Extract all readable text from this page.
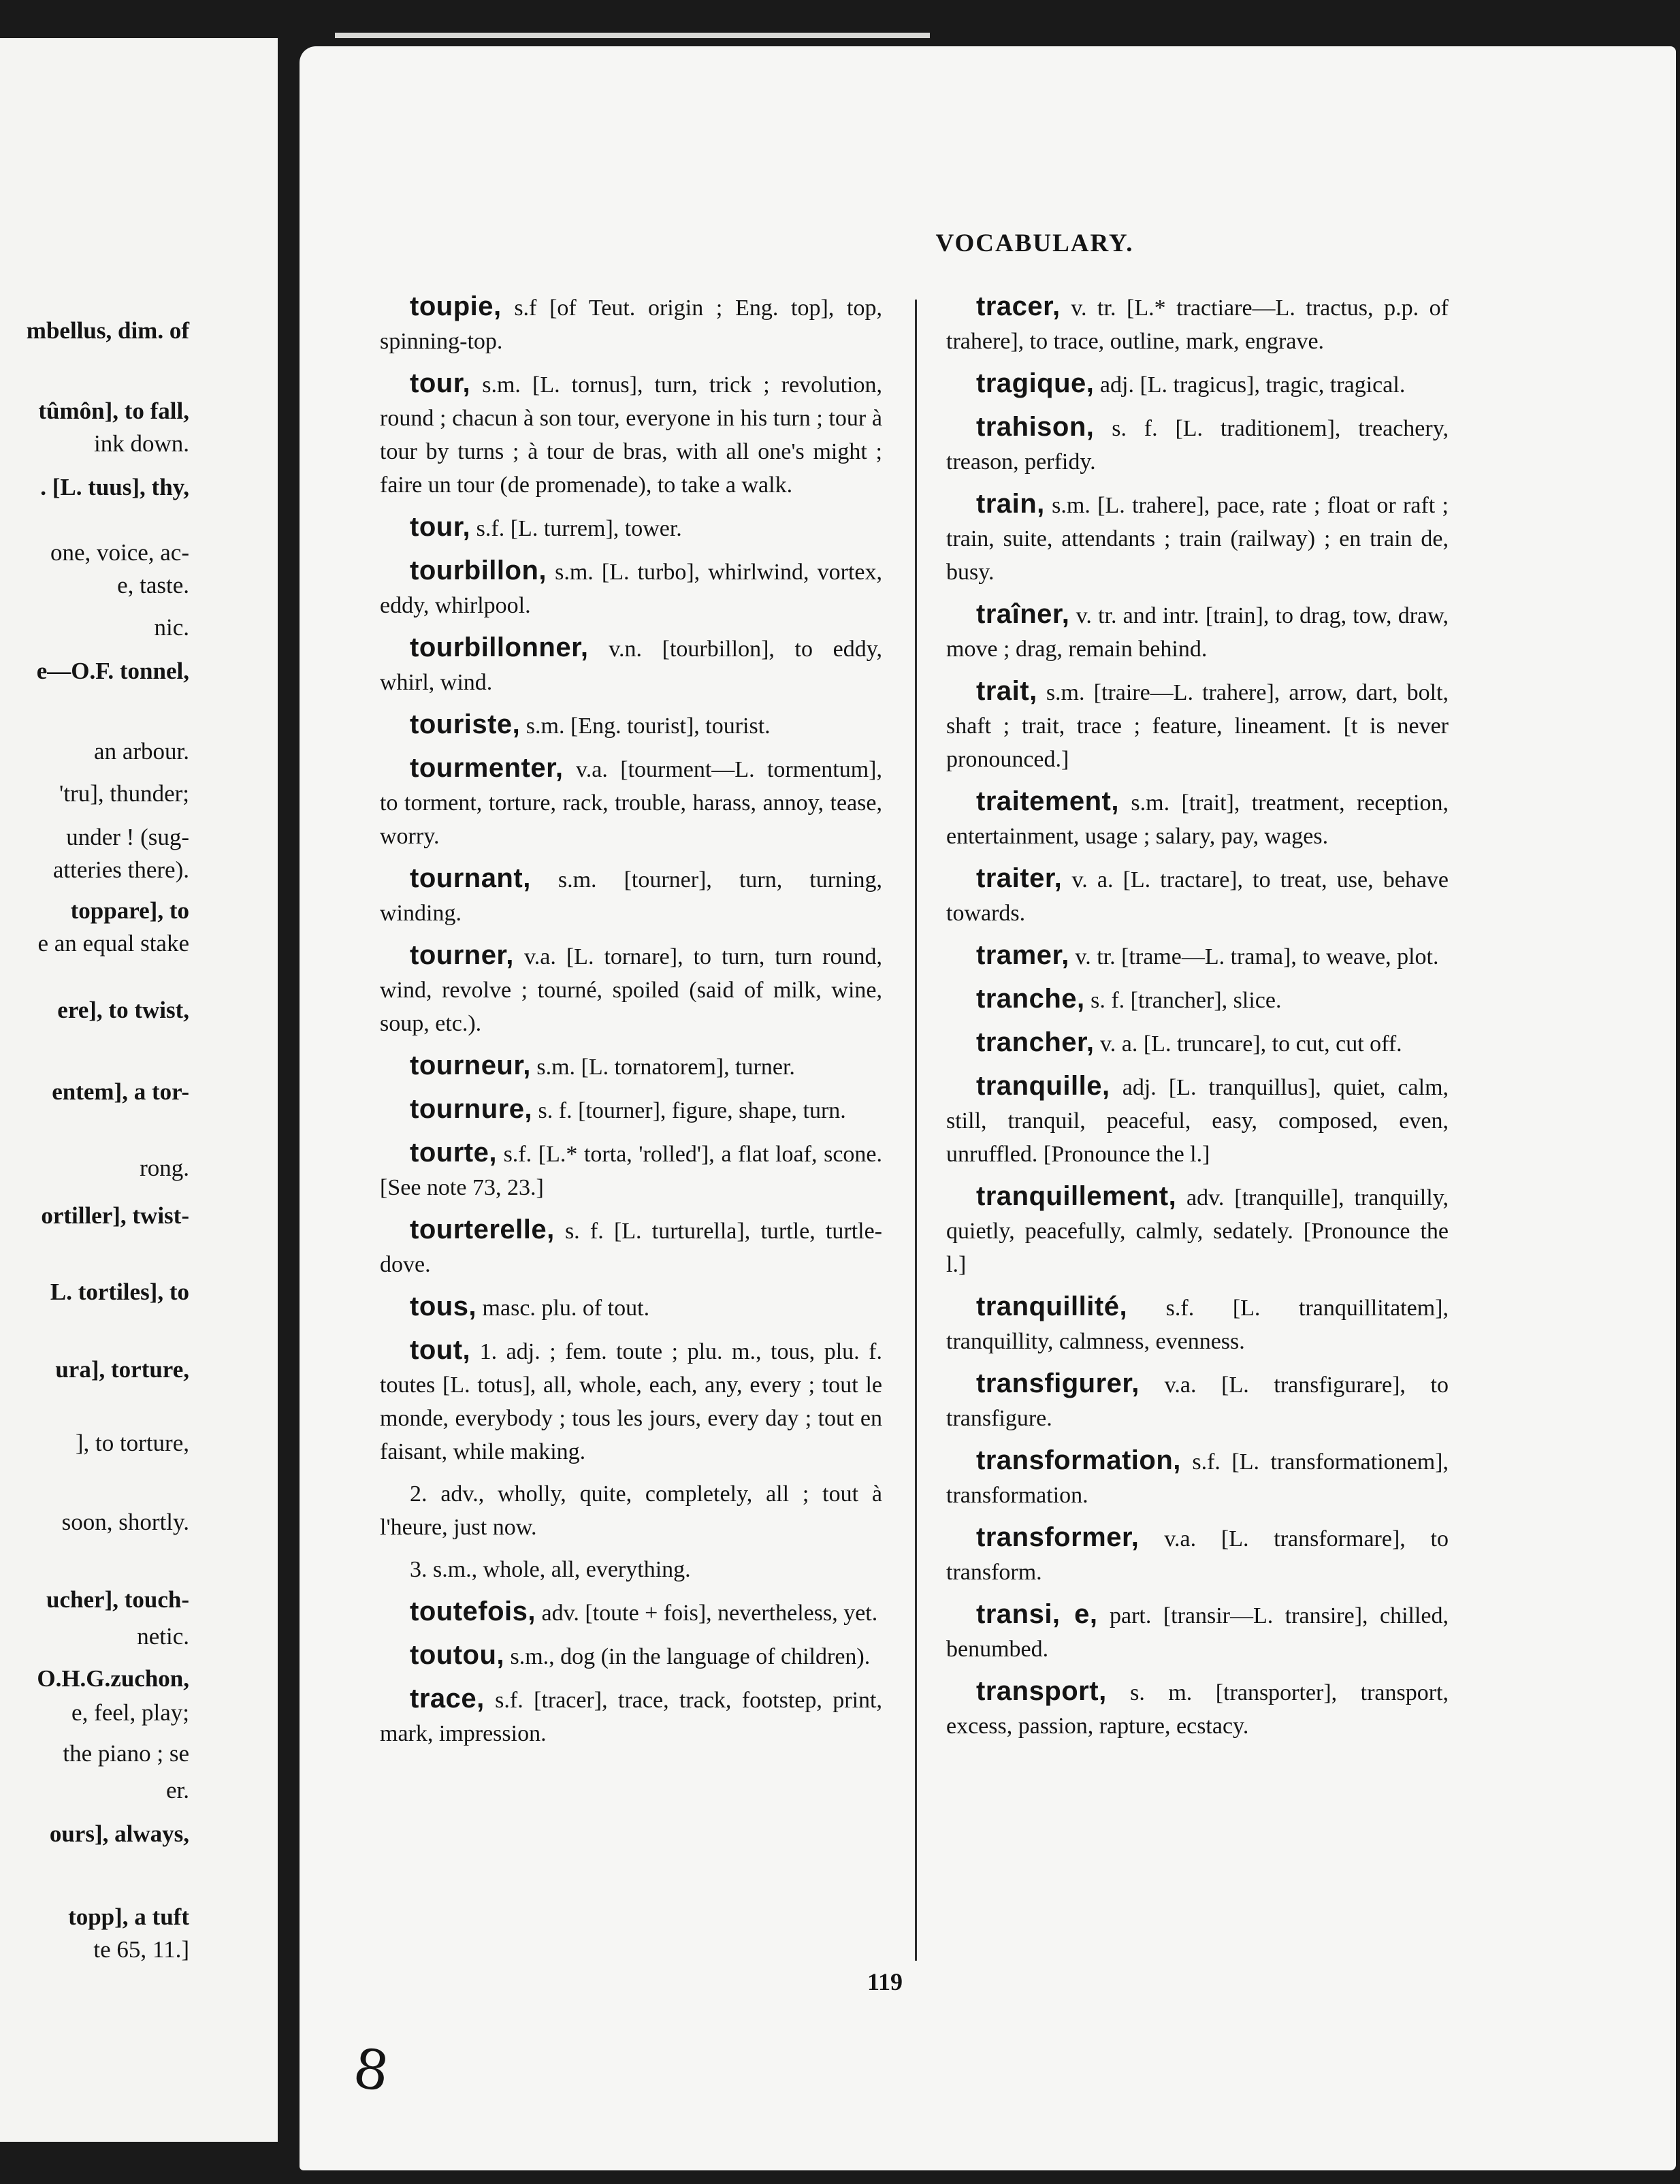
mbellus, dim. of
tûmôn], to fall,
ink down.
. [L. tuus], thy,
one, voice, ac-
e, taste.
nic.
e—O.F. tonnel,
an arbour.
'tru], thunder;
under ! (sug-
atteries there).
toppare], to
e an equal stake
ere], to twist,
entem], a tor-
rong.
ortiller], twist-
L. tortiles], to
ura], torture,
], to torture,
soon, shortly.
ucher], touch-
netic.
O.H.G.zuchon,
e, feel, play;
the piano ; se
er.
ours], always,
topp], a tuft
te 65, 11.]
VOCABULARY.

toupie, s.f [of Teut. origin ; Eng. top], top, spinning-top.

tour, s.m. [L. tornus], turn, trick ; revolution, round ; chacun à son tour, everyone in his turn ; tour à tour by turns ; à tour de bras, with all one's might ; faire un tour (de promenade), to take a walk.

tour, s.f. [L. turrem], tower.

tourbillon, s.m. [L. turbo], whirlwind, vortex, eddy, whirlpool.

tourbillonner, v.n. [tourbillon], to eddy, whirl, wind.

touriste, s.m. [Eng. tourist], tourist.

tourmenter, v.a. [tourment—L. tormentum], to torment, torture, rack, trouble, harass, annoy, tease, worry.

tournant, s.m. [tourner], turn, turning, winding.

tourner, v.a. [L. tornare], to turn, turn round, wind, revolve ; tourné, spoiled (said of milk, wine, soup, etc.).

tourneur, s.m. [L. tornatorem], turner.

tournure, s. f. [tourner], figure, shape, turn.

tourte, s.f. [L.* torta, 'rolled'], a flat loaf, scone. [See note 73, 23.]

tourterelle, s. f. [L. turturella], turtle, turtle-dove.

tous, masc. plu. of tout.

tout, 1. adj. ; fem. toute ; plu. m., tous, plu. f. toutes [L. totus], all, whole, each, any, every ; tout le monde, everybody ; tous les jours, every day ; tout en faisant, while making.

2. adv., wholly, quite, completely, all ; tout à l'heure, just now.

3. s.m., whole, all, everything.

toutefois, adv. [toute + fois], nevertheless, yet.

toutou, s.m., dog (in the language of children).

trace, s.f. [tracer], trace, track, footstep, print, mark, impression.

tracer, v. tr. [L.* tractiare—L. tractus, p.p. of trahere], to trace, outline, mark, engrave.

tragique, adj. [L. tragicus], tragic, tragical.

trahison, s. f. [L. traditionem], treachery, treason, perfidy.

train, s.m. [L. trahere], pace, rate ; float or raft ; train, suite, attendants ; train (railway) ; en train de, busy.

traîner, v. tr. and intr. [train], to drag, tow, draw, move ; drag, remain behind.

trait, s.m. [traire—L. trahere], arrow, dart, bolt, shaft ; trait, trace ; feature, lineament. [t is never pronounced.]

traitement, s.m. [trait], treatment, reception, entertainment, usage ; salary, pay, wages.

traiter, v. a. [L. tractare], to treat, use, behave towards.

tramer, v. tr. [trame—L. trama], to weave, plot.

tranche, s. f. [trancher], slice.

trancher, v. a. [L. truncare], to cut, cut off.

tranquille, adj. [L. tranquillus], quiet, calm, still, tranquil, peaceful, easy, composed, even, unruffled. [Pronounce the l.]

tranquillement, adv. [tranquille], tranquilly, quietly, peacefully, calmly, sedately. [Pronounce the l.]

tranquillité, s.f. [L. tranquillitatem], tranquillity, calmness, evenness.

transfigurer, v.a. [L. transfigurare], to transfigure.

transformation, s.f. [L. transformationem], transformation.

transformer, v.a. [L. transformare], to transform.

transi, e, part. [transir—L. transire], chilled, benumbed.

transport, s. m. [transporter], transport, excess, passion, rapture, ecstacy.

119
8
